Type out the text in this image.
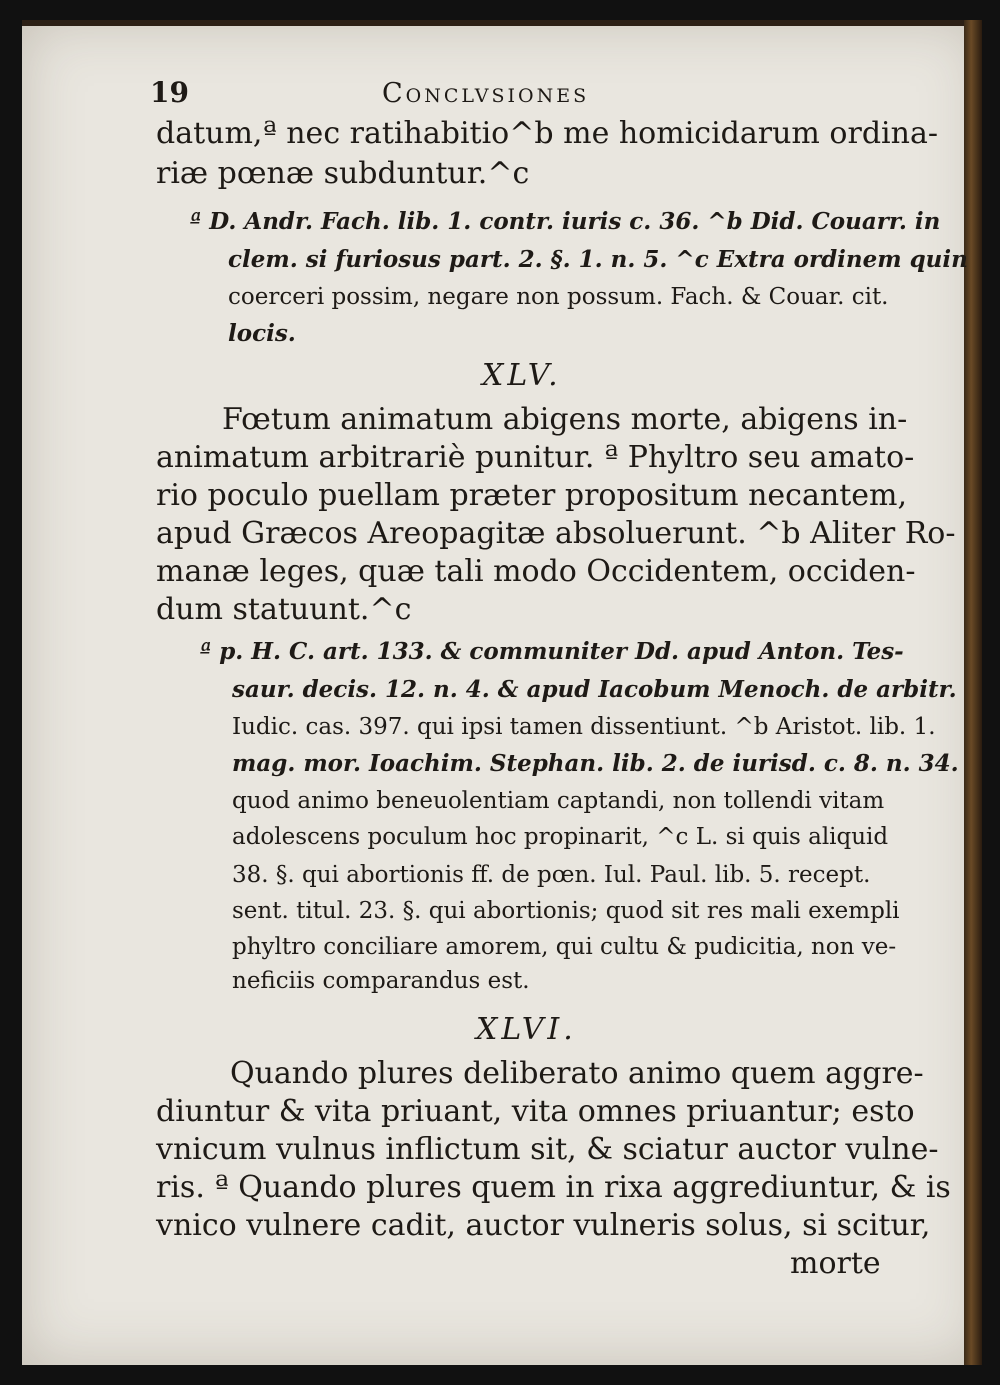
19	Conclvsiones
datum,ª nec ratihabitio^b me homicidarum ordina-
riæ pœnæ subduntur.^c
ª D. Andr. Fach. lib. 1. contr. iuris c. 36. ^b Did. Couarr. in
clem. si furiosus part. 2. §. 1. n. 5. ^c Extra ordinem quin
coerceri possim, negare non possum. Fach. & Couar. cit.
locis.
XLV.
Fœtum animatum abigens morte, abigens in-
animatum arbitrariè punitur. ª Phyltro seu amato-
rio poculo puellam præter propositum necantem,
apud Græcos Areopagitæ absoluerunt. ^b Aliter Ro-
manæ leges, quæ tali modo Occidentem, occiden-
dum statuunt.^c
ª p. H. C. art. 133. & communiter Dd. apud Anton. Tes-
saur. decis. 12. n. 4. & apud Iacobum Menoch. de arbitr.
Iudic. cas. 397. qui ipsi tamen dissentiunt. ^b Aristot. lib. 1.
mag. mor. Ioachim. Stephan. lib. 2. de iurisd. c. 8. n. 34.
quod animo beneuolentiam captandi, non tollendi vitam
adolescens poculum hoc propinarit, ^c L. si quis aliquid
38. §. qui abortionis ff. de pœn. Iul. Paul. lib. 5. recept.
sent. titul. 23. §. qui abortionis; quod sit res mali exempli
phyltro conciliare amorem, qui cultu & pudicitia, non ve-
neficiis comparandus est.
XLVI.
Quando plures deliberato animo quem aggre-
diuntur & vita priuant, vita omnes priuantur; esto
vnicum vulnus inflictum sit, & sciatur auctor vulne-
ris. ª Quando plures quem in rixa aggrediuntur, & is
vnico vulnere cadit, auctor vulneris solus, si scitur,
morte
